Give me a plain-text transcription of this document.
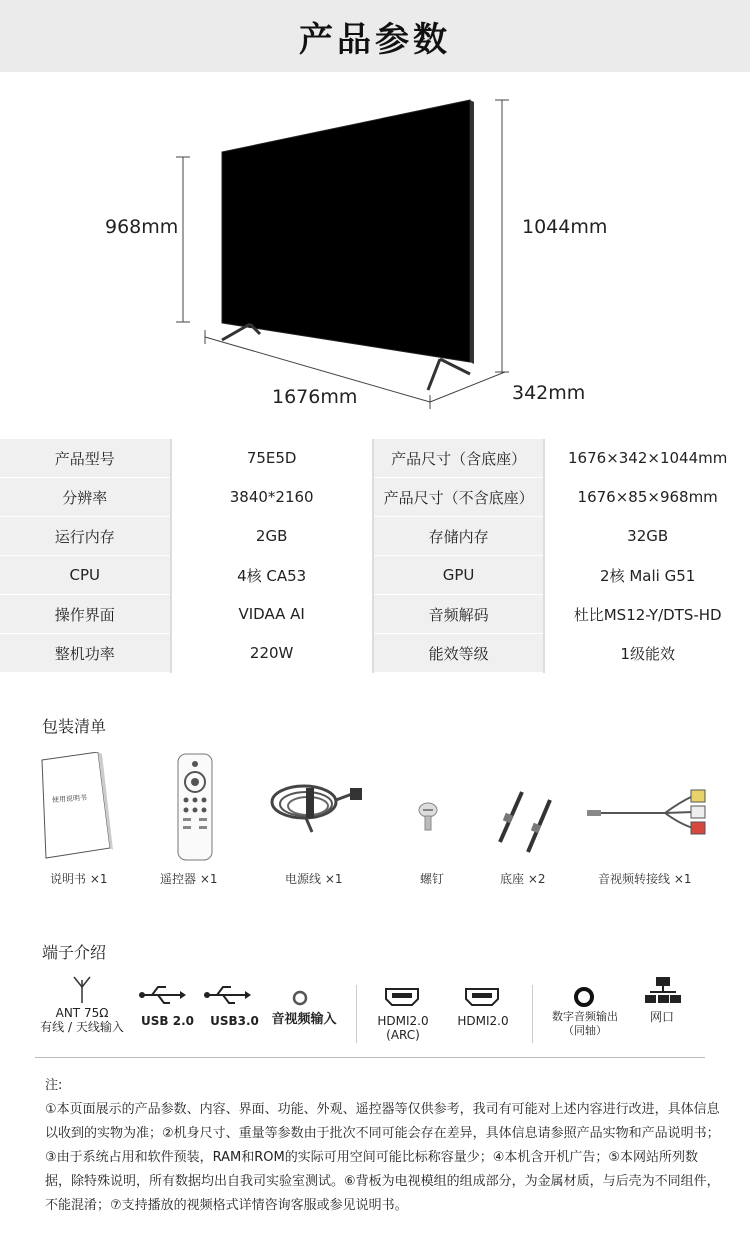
产品参数
968mm	1044mm
1676mm	342mm
产品型号	75E5D	产品尺寸（含底座）	1676×342×1044mm
分辨率	3840*2160	产品尺寸（不含底座）	1676×85×968mm
运行内存	2GB	存储内存	32GB
CPU	4核 CA53	GPU	2核 Mali G51
操作界面	VIDAA AI	音频解码	杜比MS12-Y/DTS-HD
整机功率	220W	能效等级	1级能效
包装清单
使用说明书
说明书 ×1	遥控器 ×1	电源线 ×1	螺钉	底座 ×2	音视频转接线 ×1
端子介绍
ANT 75Ω
有线 / 天线输入 USB 2.0 USB3.0 音视频输入	HDMI2.0
(ARC)
HDMI2.0	数字音频输出
（同轴）
网口

注:

①本页面展示的产品参数、内容、界面、功能、外观、遥控器等仅供参考，我司有可能对上述内容进行改进，具体信息以收到的实物为准；②机身尺寸、重量等参数由于批次不同可能会存在差异，具体信息请参照产品实物和产品说明书；③由于系统占用和软件预装，RAM和ROM的实际可用空间可能比标称容量少；④本机含开机广告；⑤本网站所列数据，除特殊说明，所有数据均出自我司实验室测试。⑥背板为电视模组的组成部分，为金属材质，与后壳为不同组件，不能混淆；⑦支持播放的视频格式详情咨询客服或参见说明书。
